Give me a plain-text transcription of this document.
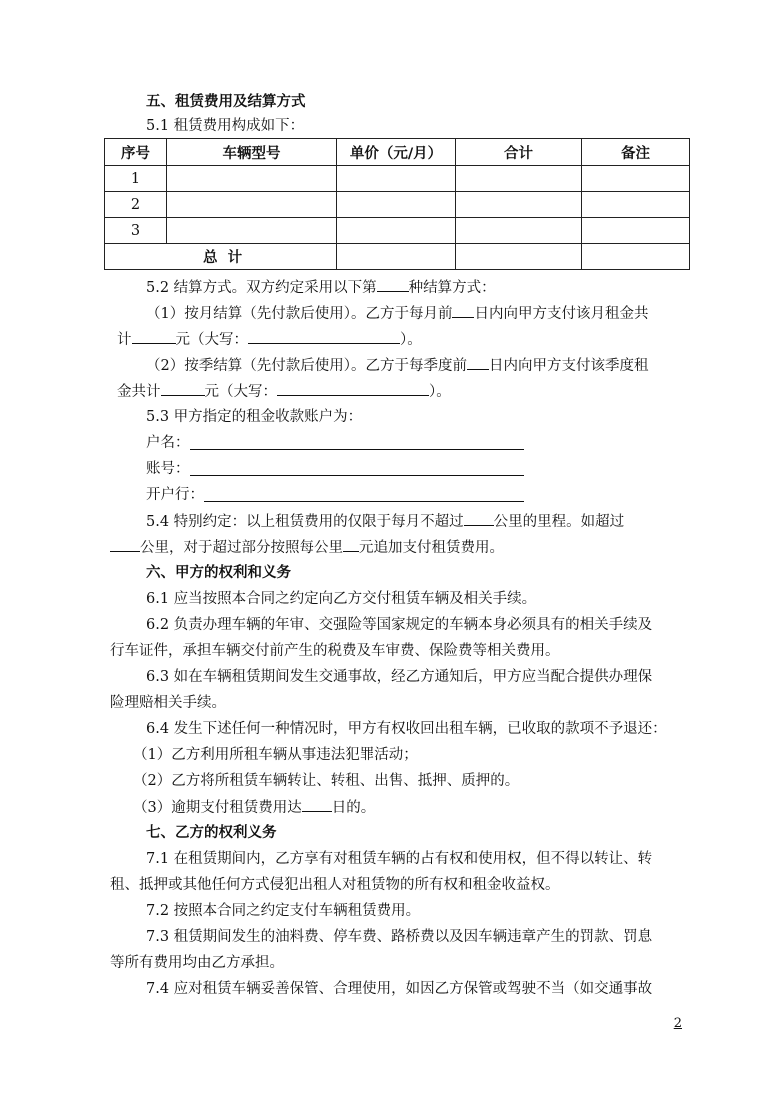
五、租赁费用及结算方式
5.1 租赁费用构成如下：
序号	车辆型号	单价（元/月）	合计	备注
1				
2				
3				
总  计				
5.2 结算方式。双方约定采用以下第 种结算方式：
（1）按月结算（先付款后使用）。乙方于每月前 日内向甲方支付该月租金共
计	元（大写：	）。
（2）按季结算（先付款后使用）。乙方于每季度前 日内向甲方支付该季度租
金共计	元（大写：	）。
5.3 甲方指定的租金收款账户为：
户名：
账号：
开户行：
5.4 特别约定：以上租赁费用的仅限于每月不超过 公里的里程。如超过
公里，对于超过部分按照每公里 元追加支付租赁费用。
六、甲方的权利和义务
6.1 应当按照本合同之约定向乙方交付租赁车辆及相关手续。
6.2 负责办理车辆的年审、交强险等国家规定的车辆本身必须具有的相关手续及
行车证件，承担车辆交付前产生的税费及车审费、保险费等相关费用。
6.3 如在车辆租赁期间发生交通事故，经乙方通知后，甲方应当配合提供办理保
险理赔相关手续。
6.4 发生下述任何一种情况时，甲方有权收回出租车辆，已收取的款项不予退还：
（1）乙方利用所租车辆从事违法犯罪活动；
（2）乙方将所租赁车辆转让、转租、出售、抵押、质押的。
（3）逾期支付租赁费用达 日的。
七、乙方的权利义务
7.1 在租赁期间内，乙方享有对租赁车辆的占有权和使用权，但不得以转让、转
租、抵押或其他任何方式侵犯出租人对租赁物的所有权和租金收益权。
7.2 按照本合同之约定支付车辆租赁费用。
7.3 租赁期间发生的油料费、停车费、路桥费以及因车辆违章产生的罚款、罚息
等所有费用均由乙方承担。
7.4 应对租赁车辆妥善保管、合理使用，如因乙方保管或驾驶不当（如交通事故
2
